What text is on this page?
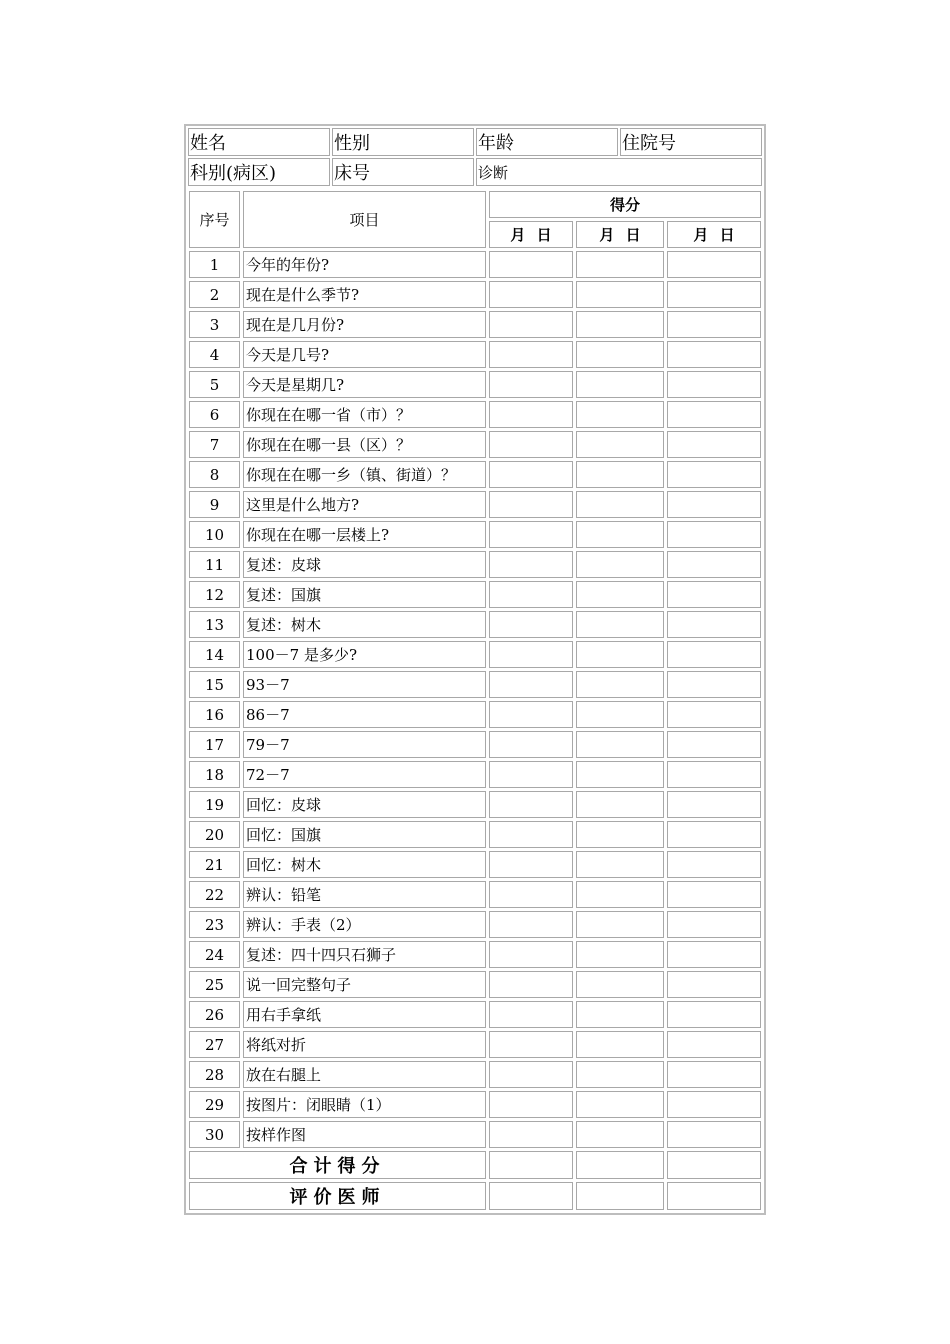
姓名	性别	年龄	住院号
科别(病区)	床号	诊断	
序号	项目	得分		
		月 日	月 日	月 日
1	今年的年份?			
2	现在是什么季节?			
3	现在是几月份?			
4	今天是几号?			
5	今天是星期几?			
6	你现在在哪一省（市）？			
7	你现在在哪一县（区）？			
8	你现在在哪一乡（镇、街道）？			
9	这里是什么地方?			
10	你现在在哪一层楼上?			
11	复述：皮球			
12	复述：国旗			
13	复述：树木			
14	100－7 是多少?			
15	93－7			
16	86－7			
17	79－7			
18	72－7			
19	回忆：皮球			
20	回忆：国旗			
21	回忆：树木			
22	辨认：铅笔			
23	辨认：手表（2）			
24	复述：四十四只石狮子			
25	说一回完整句子			
26	用右手拿纸			
27	将纸对折			
28	放在右腿上			
29	按图片：闭眼睛（1）			
30	按样作图			
合计得分				
评价医师				
